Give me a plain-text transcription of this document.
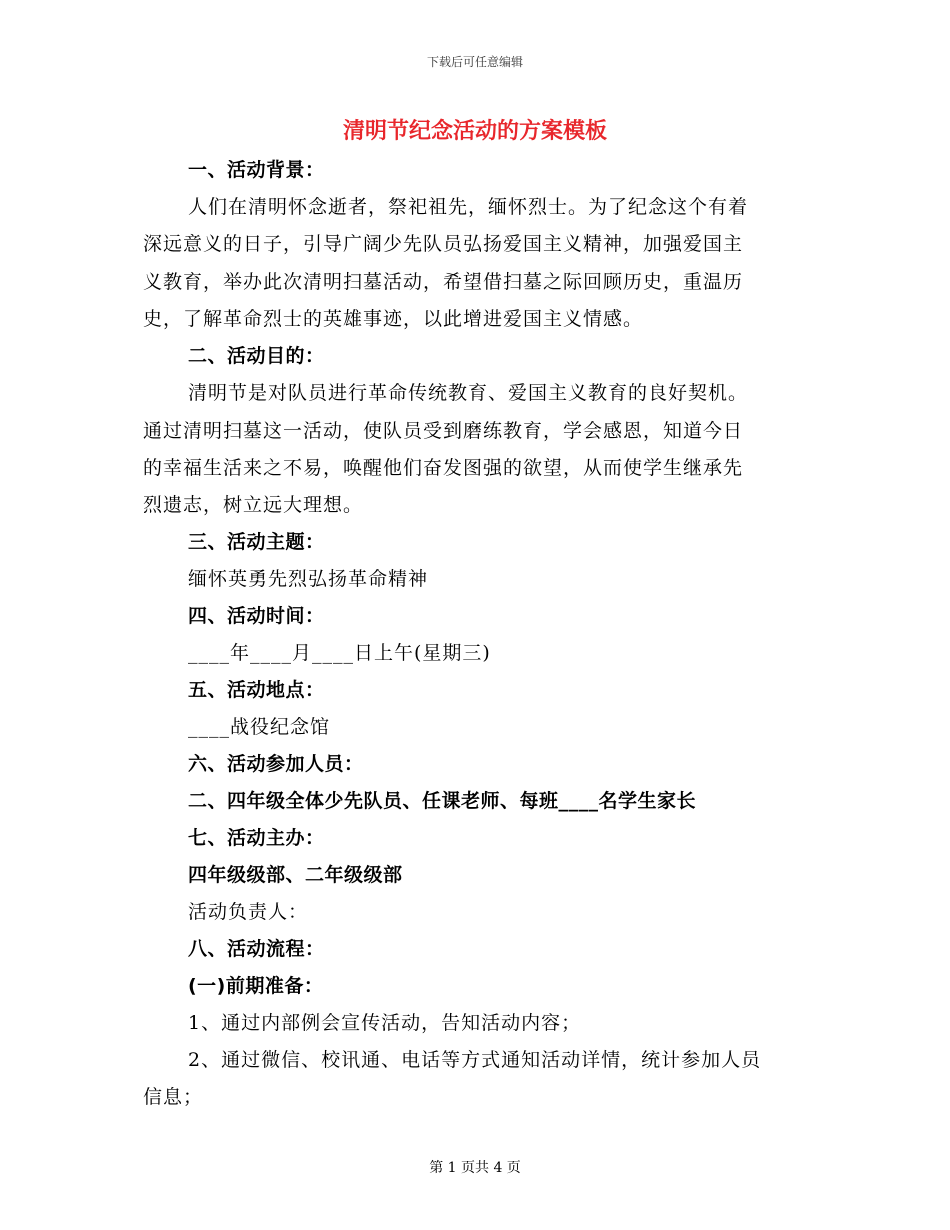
下载后可任意编辑
清明节纪念活动的方案模板
一、活动背景：
人们在清明怀念逝者，祭祀祖先，缅怀烈士。为了纪念这个有着
深远意义的日子，引导广阔少先队员弘扬爱国主义精神，加强爱国主
义教育，举办此次清明扫墓活动，希望借扫墓之际回顾历史，重温历
史，了解革命烈士的英雄事迹，以此增进爱国主义情感。
二、活动目的：
清明节是对队员进行革命传统教育、爱国主义教育的良好契机。
通过清明扫墓这一活动，使队员受到磨练教育，学会感恩，知道今日
的幸福生活来之不易，唤醒他们奋发图强的欲望，从而使学生继承先
烈遗志，树立远大理想。
三、活动主题：
缅怀英勇先烈弘扬革命精神
四、活动时间：
____年____月____日上午(星期三)
五、活动地点：
____战役纪念馆
六、活动参加人员：
二、四年级全体少先队员、任课老师、每班____名学生家长
七、活动主办：
四年级级部、二年级级部
活动负责人：
八、活动流程：
(一)前期准备：
1、通过内部例会宣传活动，告知活动内容；
2、通过微信、校讯通、电话等方式通知活动详情，统计参加人员
信息；
第 1 页共 4 页
